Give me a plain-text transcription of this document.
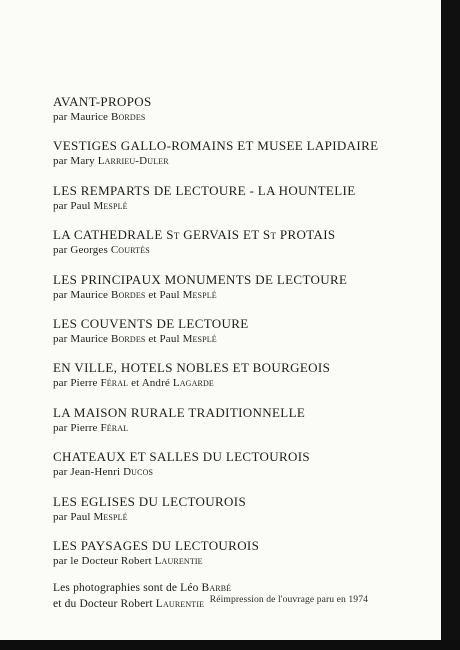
AVANT-PROPOS
par Maurice Bordes
VESTIGES GALLO-ROMAINS ET MUSEE LAPIDAIRE
par Mary Larrieu-Duler
LES REMPARTS DE LECTOURE - LA HOUNTELIE
par Paul Mesplé
LA CATHEDRALE St GERVAIS ET St PROTAIS
par Georges Courtès
LES PRINCIPAUX MONUMENTS DE LECTOURE
par Maurice Bordes et Paul Mesplé
LES COUVENTS DE LECTOURE
par Maurice Bordes et Paul Mesplé
EN VILLE, HOTELS NOBLES ET BOURGEOIS
par Pierre Féral et André Lagarde
LA MAISON RURALE TRADITIONNELLE
par Pierre Féral
CHATEAUX ET SALLES DU LECTOUROIS
par Jean-Henri Ducos
LES EGLISES DU LECTOUROIS
par Paul Mesplé
LES PAYSAGES DU LECTOUROIS
par le Docteur Robert Laurentie
Les photographies sont de Léo Barbé
et du Docteur Robert Laurentie Réimpression de l'ouvrage paru en 1974
